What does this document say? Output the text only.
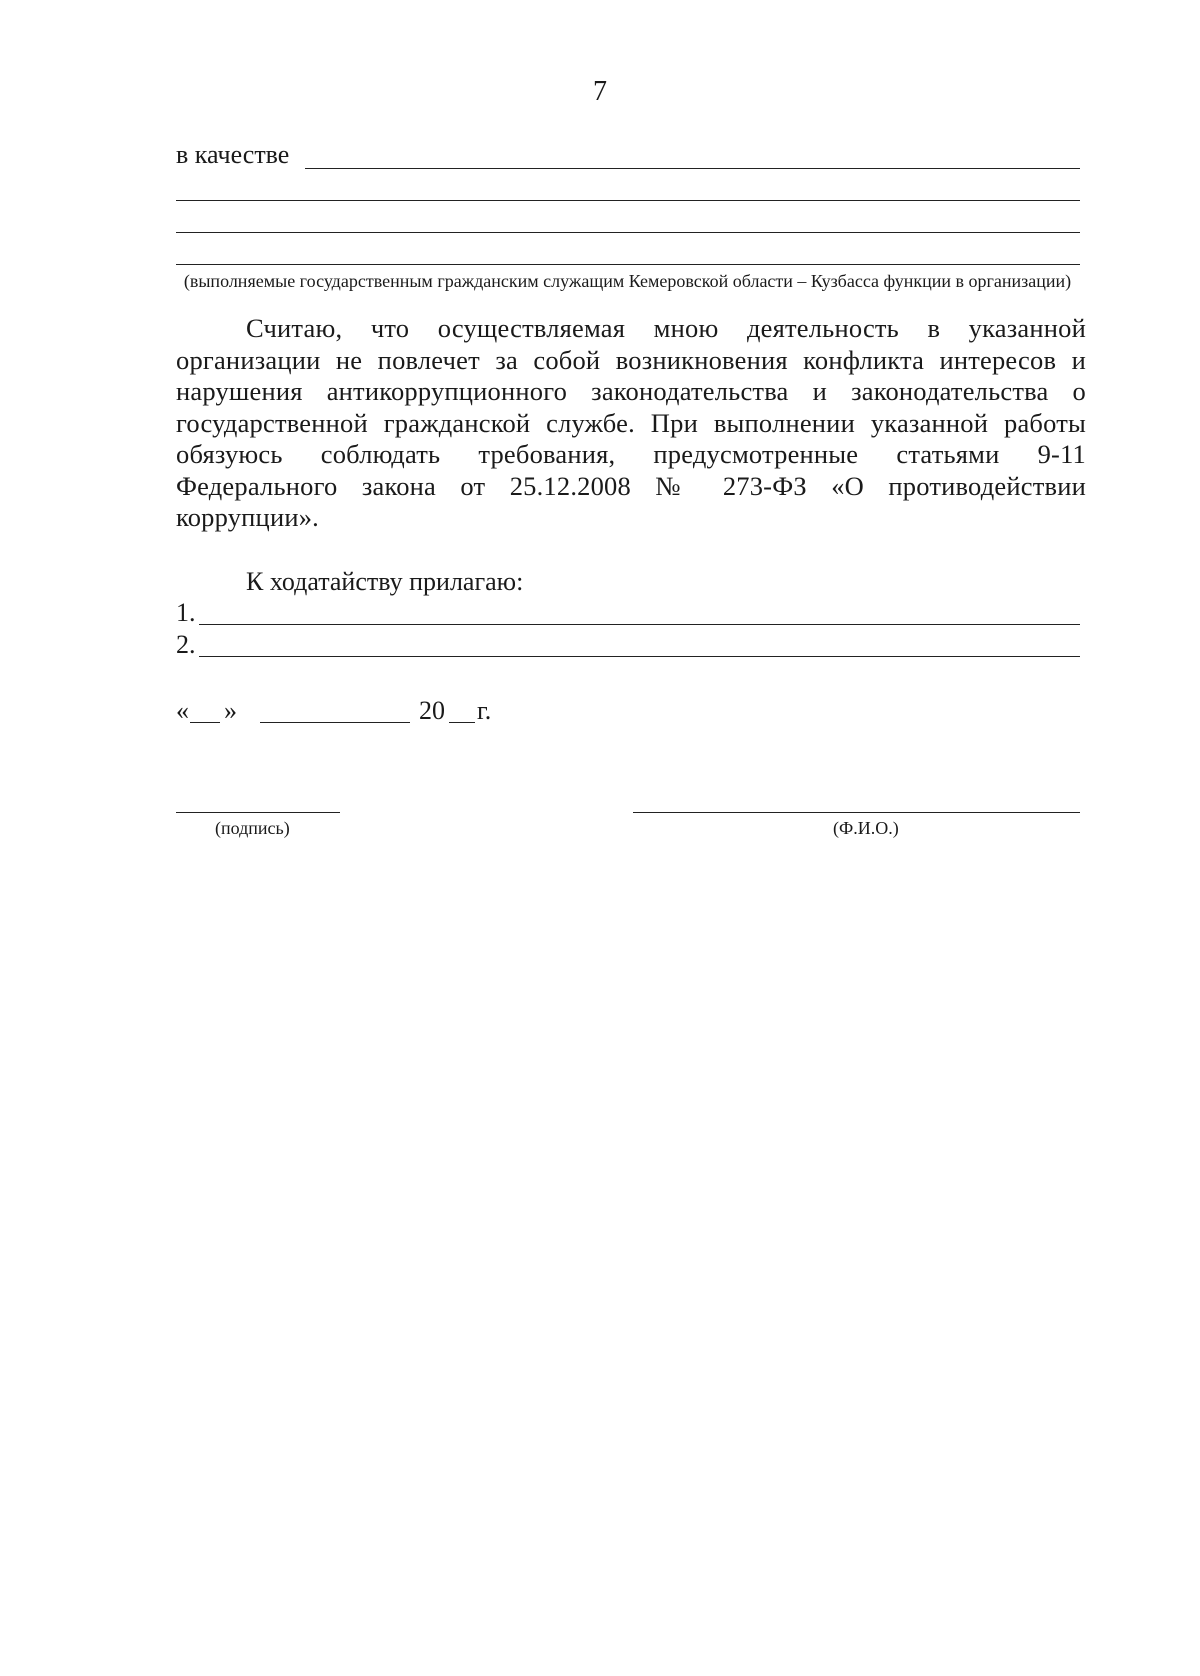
7
в качестве
(выполняемые государственным гражданским служащим Кемеровской области – Кузбасса функции в организации)
Считаю, что осуществляемая мною деятельность в указанной организации не повлечет за собой возникновения конфликта интересов и нарушения антикоррупционного законодательства и законодательства о государственной гражданской службе. При выполнении указанной работы обязуюсь соблюдать требования, предусмотренные статьями 9-11 Федерального закона от 25.12.2008 № 273-ФЗ «О противодействии коррупции».
К ходатайству прилагаю:
1.
2.
« »	20 г.
(подпись)	(Ф.И.О.)
